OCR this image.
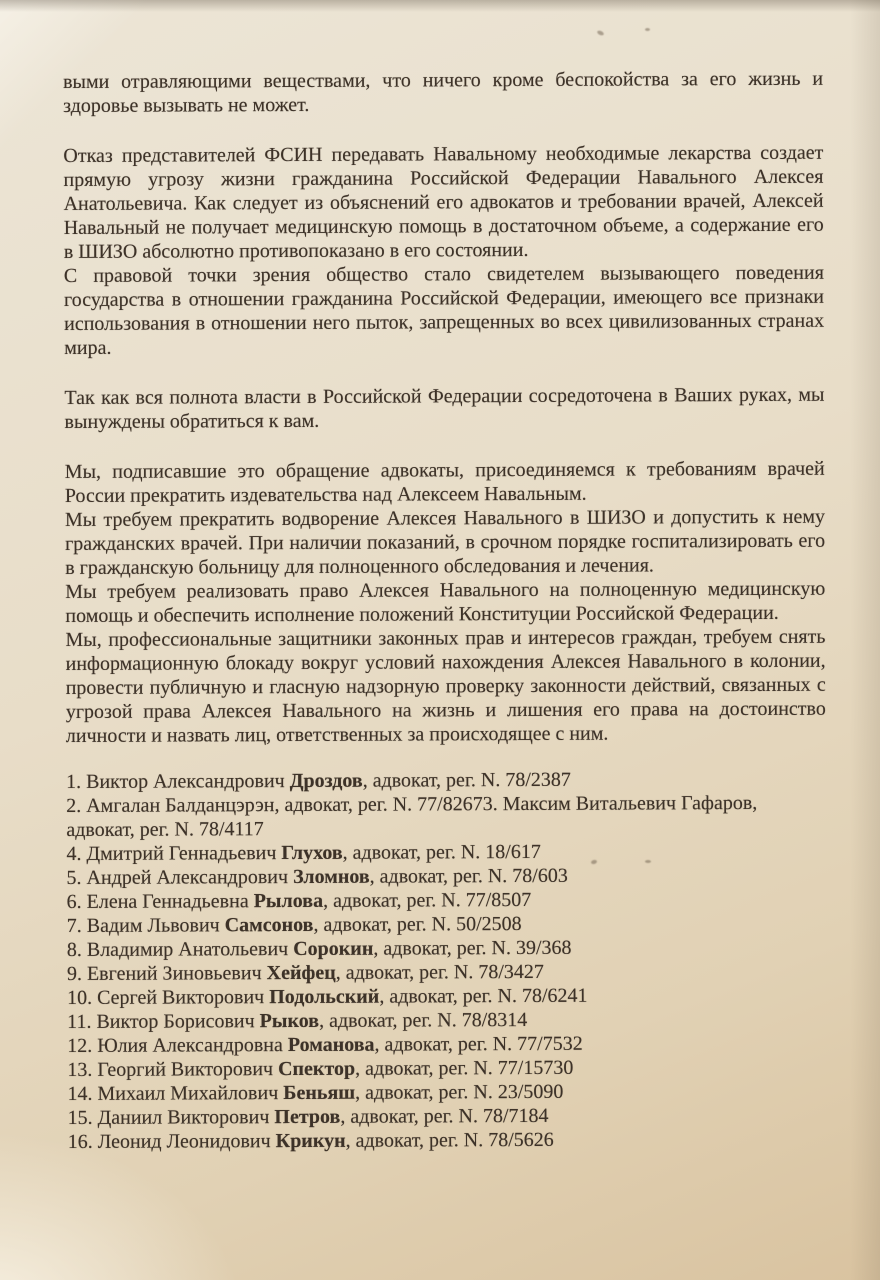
выми отравляющими веществами, что ничего кроме беспокойства за его жизнь и здоровье вызывать не может.

Отказ представителей ФСИН передавать Навальному необходимые лекарства создает прямую угрозу жизни гражданина Российской Федерации Навального Алексея Анатольевича. Как следует из объяснений его адвокатов и требовании врачей, Алексей Навальный не получает медицинскую помощь в достаточном объеме, а содержание его в ШИЗО абсолютно противопоказано в его состоянии.

С правовой точки зрения общество стало свидетелем вызывающего поведения государства в отношении гражданина Российской Федерации, имеющего все признаки использования в отношении него пыток, запрещенных во всех цивилизованных странах мира.

Так как вся полнота власти в Российской Федерации сосредоточена в Ваших руках, мы вынуждены обратиться к вам.

Мы, подписавшие это обращение адвокаты, присоединяемся к требованиям врачей России прекратить издевательства над Алексеем Навальным.

Мы требуем прекратить водворение Алексея Навального в ШИЗО и допустить к нему гражданских врачей. При наличии показаний, в срочном порядке госпитализировать его в гражданскую больницу для полноценного обследования и лечения.

Мы требуем реализовать право Алексея Навального на полноценную медицинскую помощь и обеспечить исполнение положений Конституции Российской Федерации.

Мы, профессиональные защитники законных прав и интересов граждан, требуем снять информационную блокаду вокруг условий нахождения Алексея Навального в колонии, провести публичную и гласную надзорную проверку законности действий, связанных с угрозой права Алексея Навального на жизнь и лишения его права на достоинство личности и назвать лиц, ответственных за происходящее с ним.

1. Виктор Александрович Дроздов, адвокат, рег. N. 78/2387

2. Амгалан Балданцэрэн, адвокат, рег. N. 77/82673. Максим Витальевич Гафаров, адвокат, рег. N. 78/4117

4. Дмитрий Геннадьевич Глухов, адвокат, рег. N. 18/617

5. Андрей Александрович Зломнов, адвокат, рег. N. 78/603

6. Елена Геннадьевна Рылова, адвокат, рег. N. 77/8507

7. Вадим Львович Самсонов, адвокат, рег. N. 50/2508

8. Владимир Анатольевич Сорокин, адвокат, рег. N. 39/368

9. Евгений Зиновьевич Хейфец, адвокат, рег. N. 78/3427

10. Сергей Викторович Подольский, адвокат, рег. N. 78/6241

11. Виктор Борисович Рыков, адвокат, рег. N. 78/8314

12. Юлия Александровна Романова, адвокат, рег. N. 77/7532

13. Георгий Викторович Спектор, адвокат, рег. N. 77/15730

14. Михаил Михайлович Беньяш, адвокат, рег. N. 23/5090

15. Даниил Викторович Петров, адвокат, рег. N. 78/7184

16. Леонид Леонидович Крикун, адвокат, рег. N. 78/5626
